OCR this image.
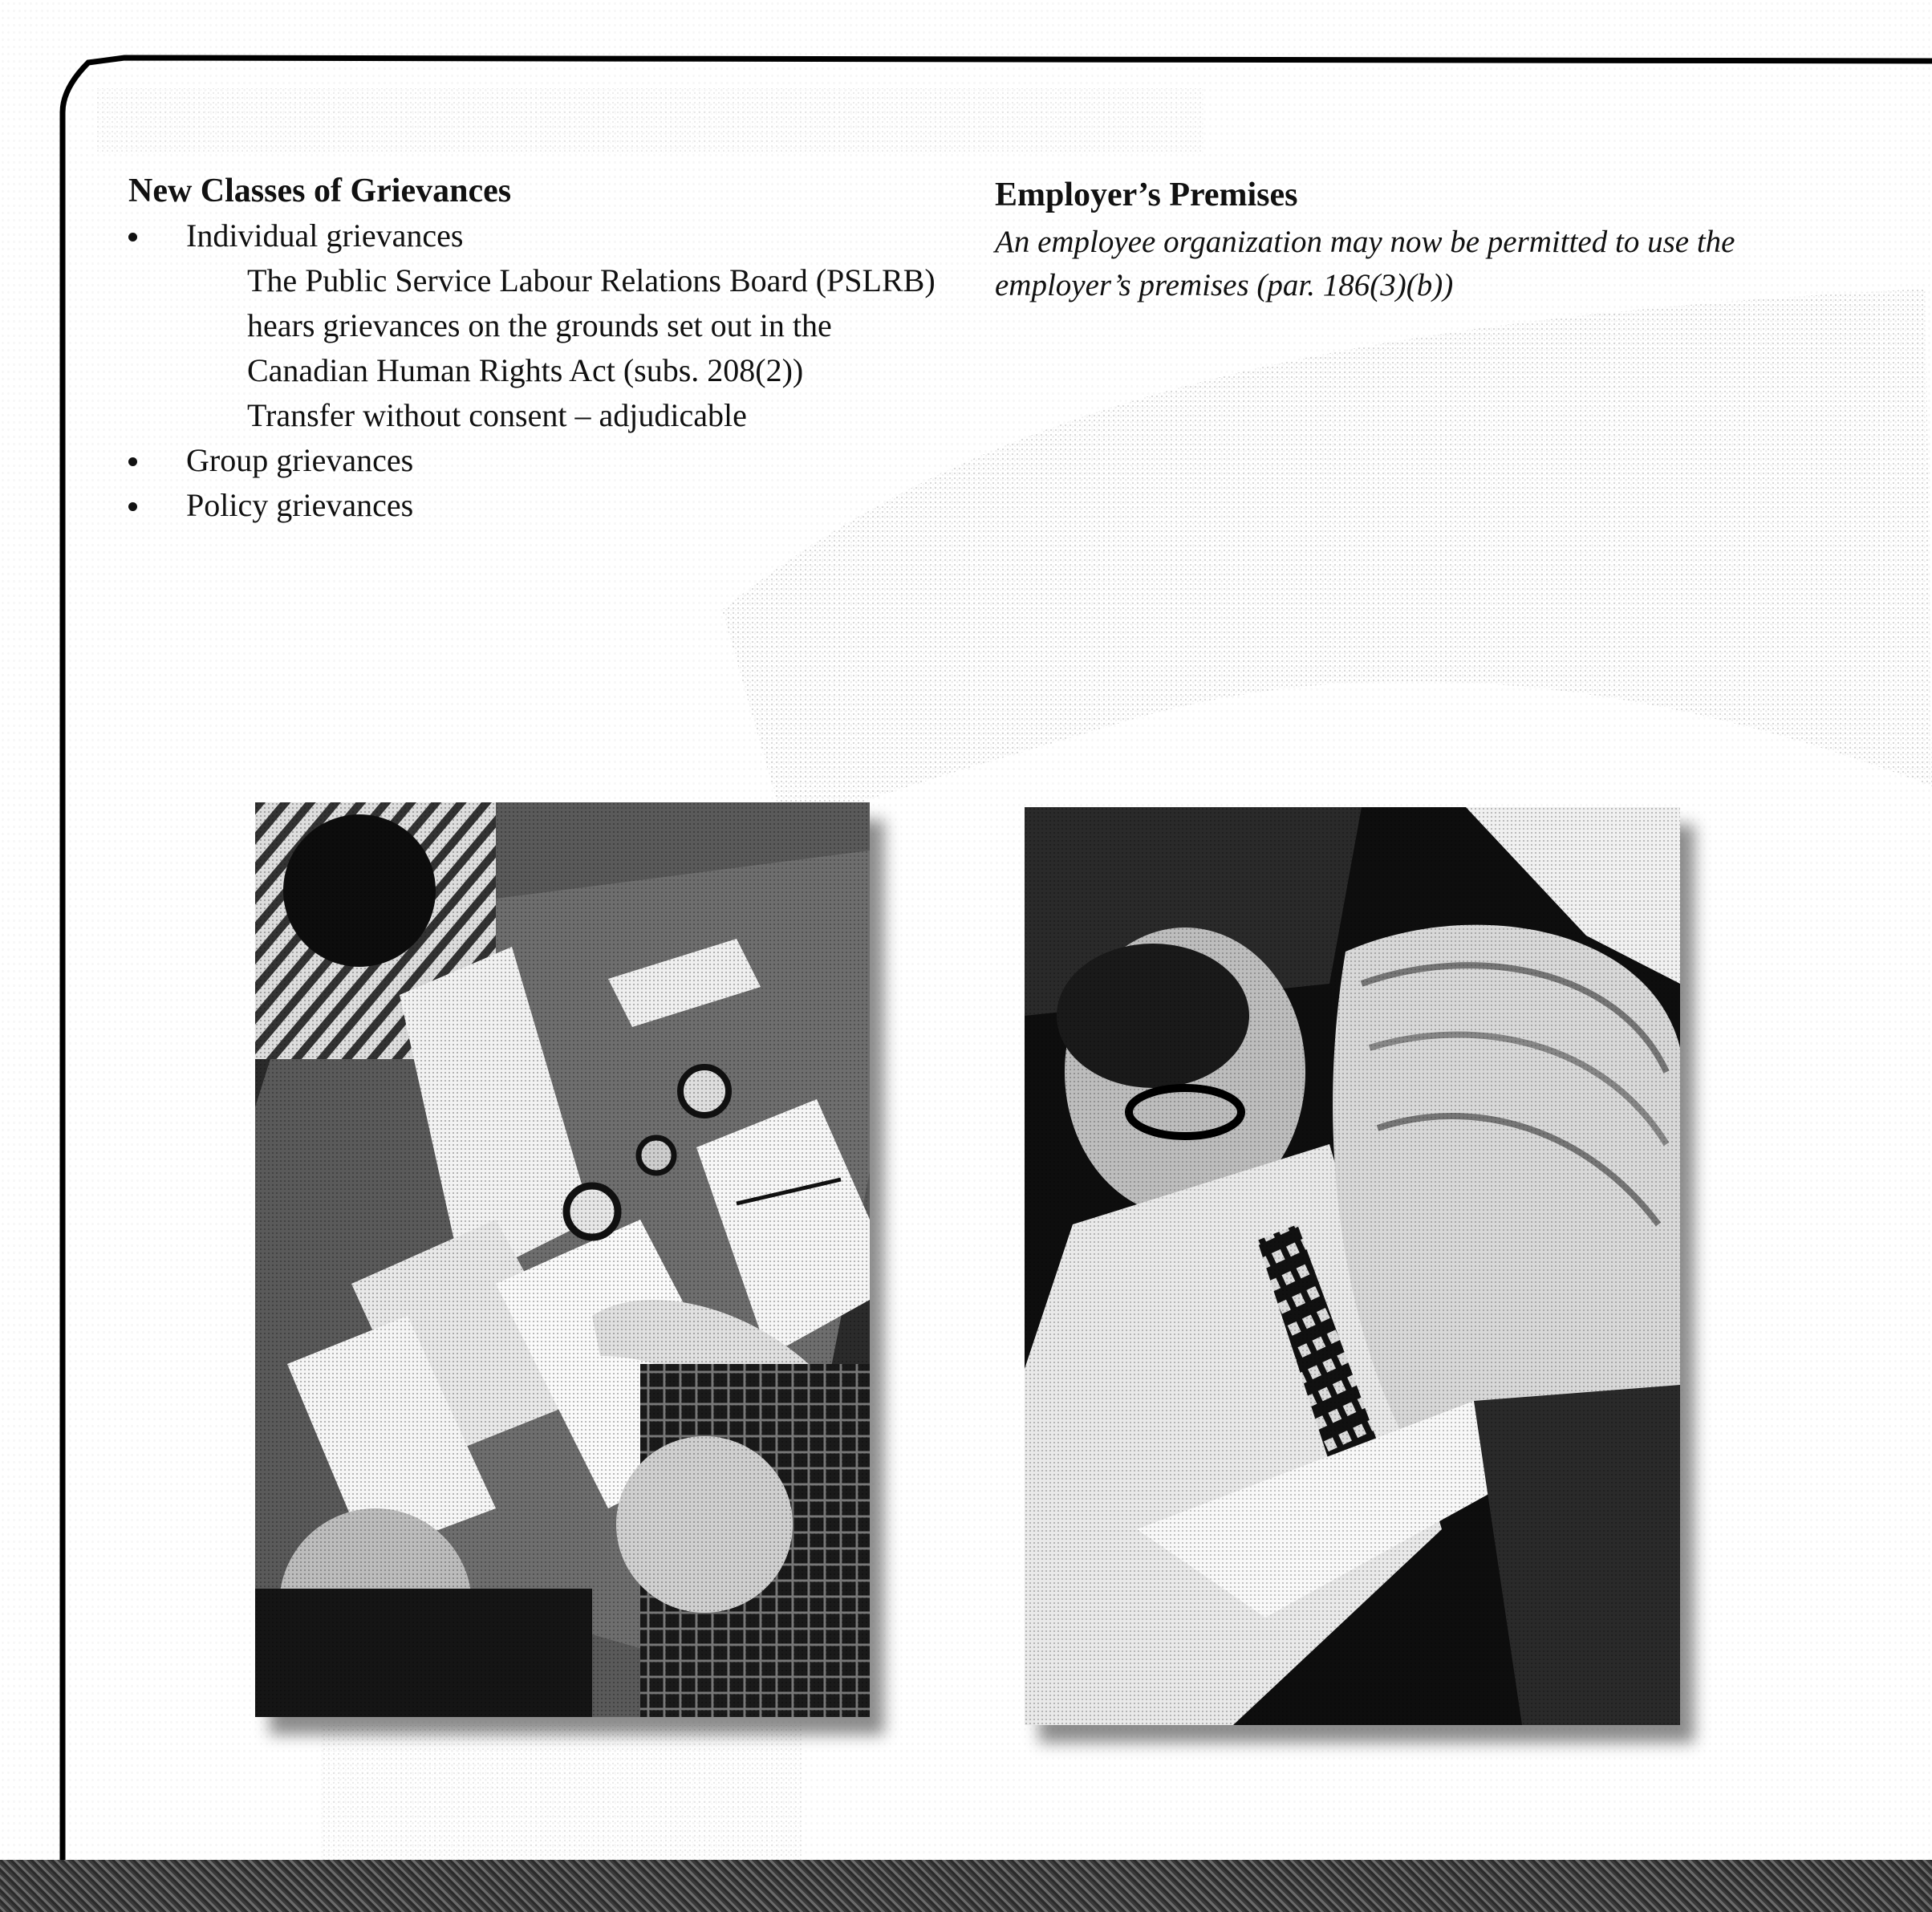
New Classes of Grievances
Individual grievances
The Public Service Labour Relations Board (PSLRB) hears grievances on the grounds set out in the Canadian Human Rights Act (subs. 208(2))
Transfer without consent – adjudicable
Group grievances
Policy grievances
Employer’s Premises
An employee organization may now be permitted to use the employer’s premises (par. 186(3)(b))
